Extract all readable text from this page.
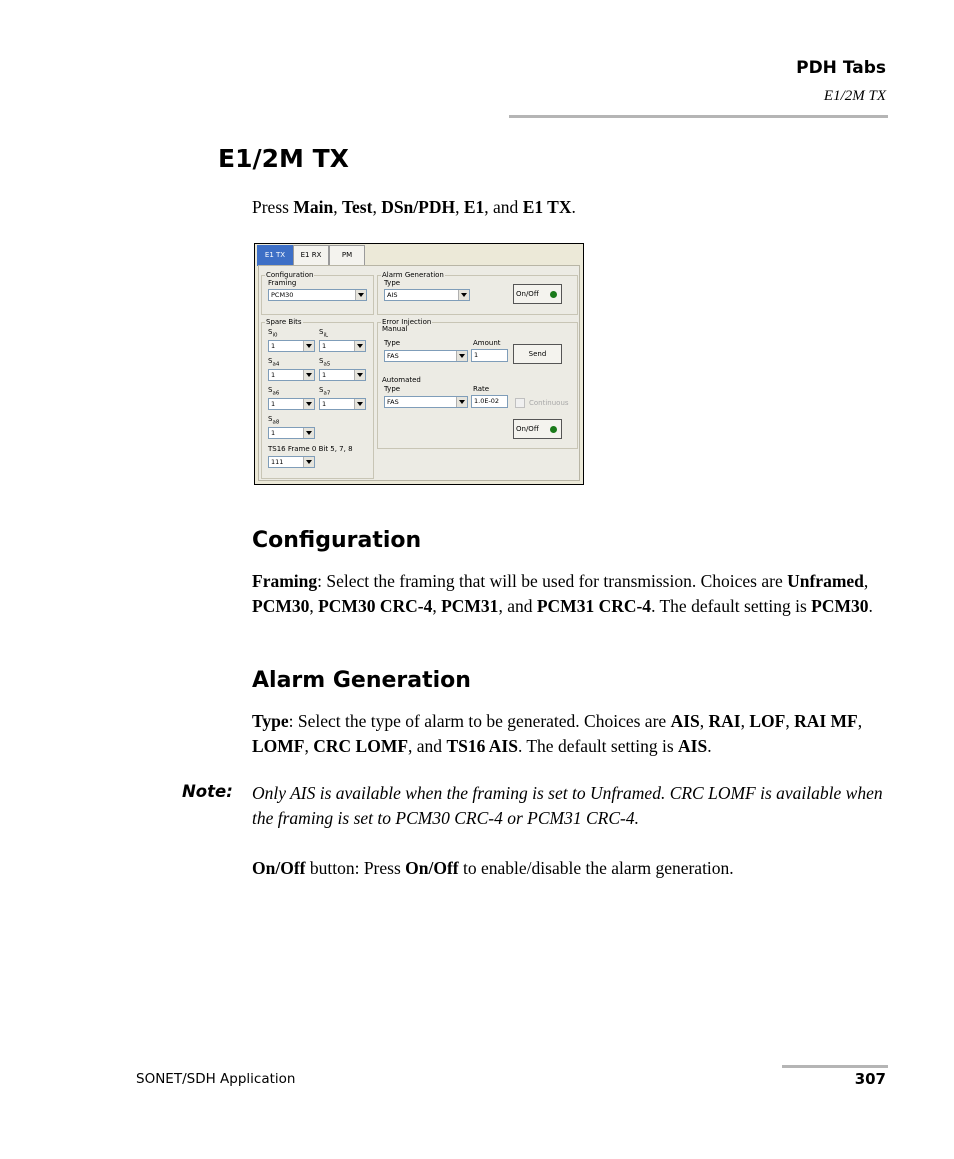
PDH Tabs
E1/2M TX
E1/2M TX

Press Main, Test, DSn/PDH, E1, and E1 TX.

E1 TX	E1 RX	PM
Configuration
Framing
PCM30
Spare Bits
$S_{i0}$
1
$S_{iL}$
1
$S_{a4}$
1
$S_{a5}$
1
$S_{a6}$
1
$S_{a7}$
1
$S_{a8}$
1
TS16 Frame 0 Bit 5, 7, 8
111
Alarm Generation
Type
AIS	On/Off
Error Injection
Manual
Type
FAS
Amount
1	Send
Automated
Type
FAS
Rate
1.0E-02	Continuous
On/Off
Configuration

Framing: Select the framing that will be used for transmission. Choices are Unframed, PCM30, PCM30 CRC-4, PCM31, and PCM31 CRC-4. The default setting is PCM30.

Alarm Generation

Type: Select the type of alarm to be generated. Choices are AIS, RAI, LOF, RAI MF, LOMF, CRC LOMF, and TS16 AIS. The default setting is AIS.

Note: Only AIS is available when the framing is set to Unframed. CRC LOMF is available when the framing is set to PCM30 CRC-4 or PCM31 CRC-4.

On/Off button: Press On/Off to enable/disable the alarm generation.

SONET/SDH Application	307
